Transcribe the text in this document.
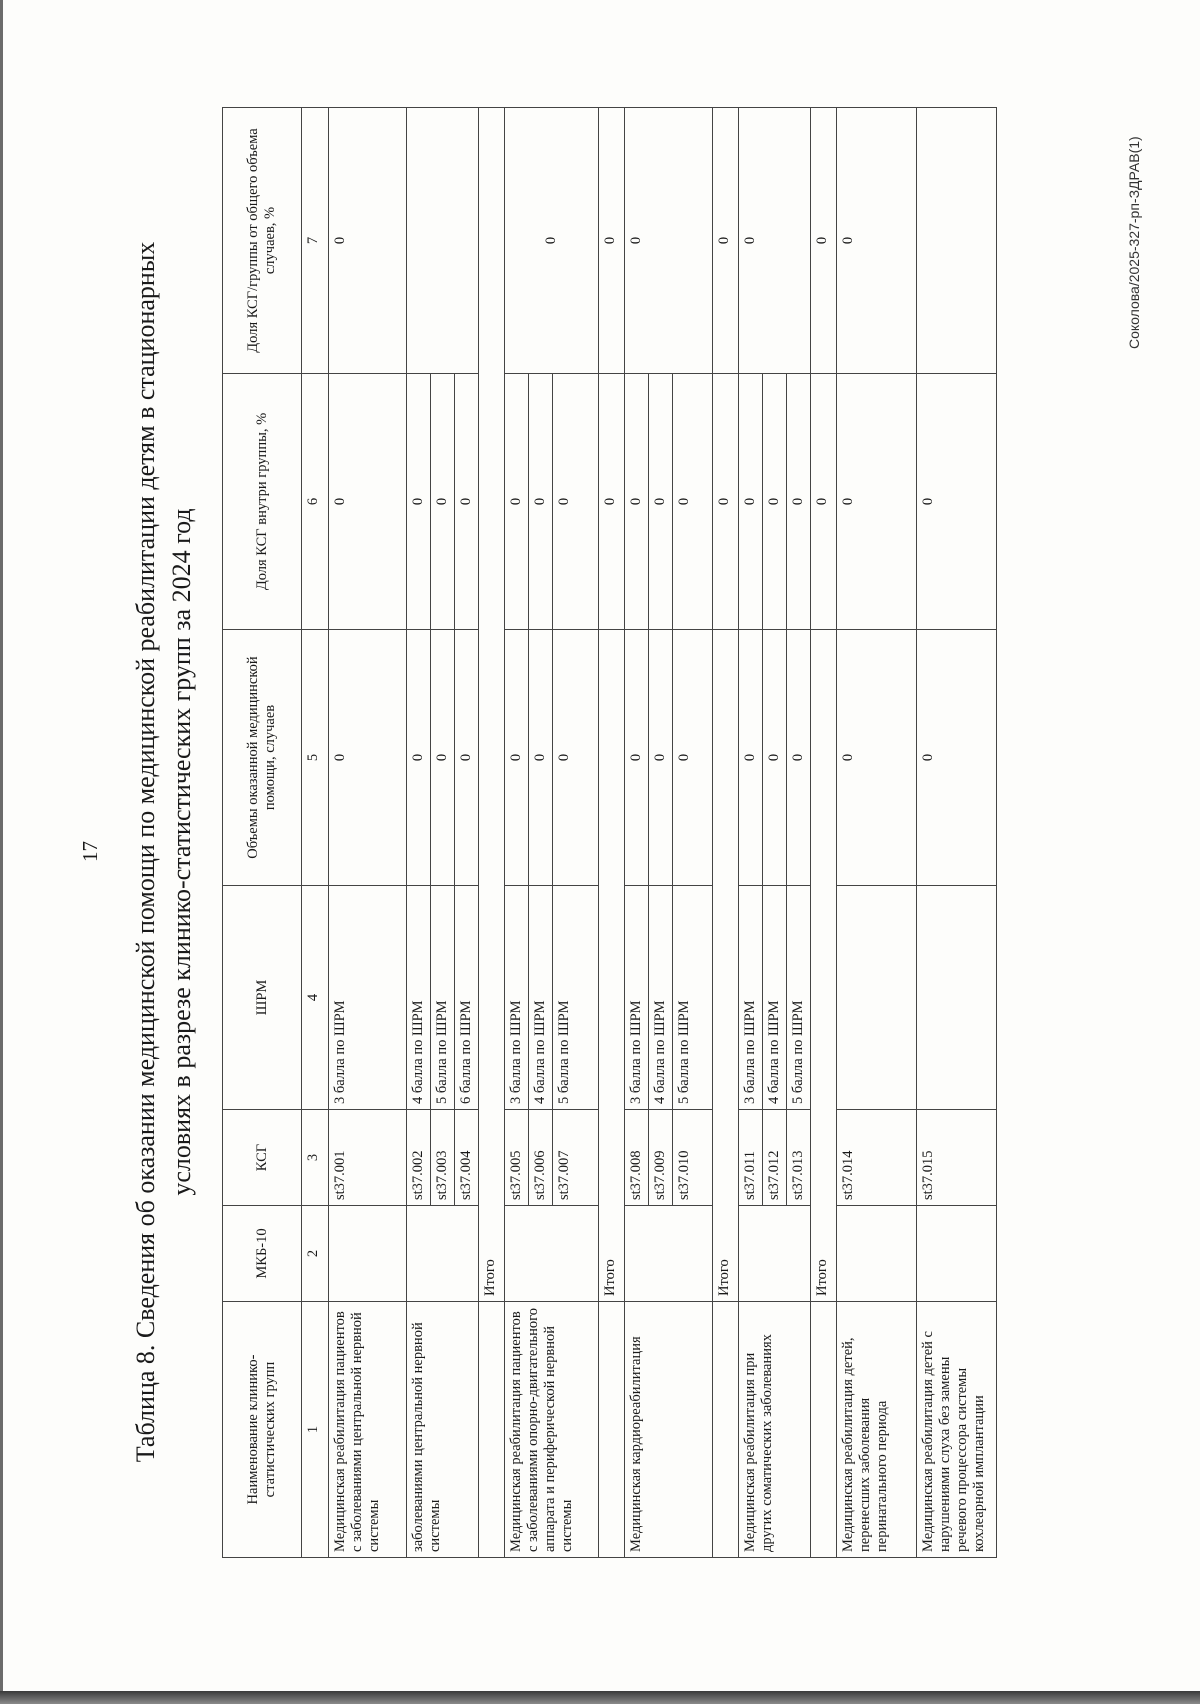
17 Таблица 8. Сведения об оказании медицинской помощи по медицинской реабилитации детям в стационарных условиях в разрезе клинико-статистических групп за 2024 год
Наименование клинико-статистических групп	МКБ-10	КСГ	ШРМ	Объемы оказанной медицинской помощи, случаев	Доля КСГ внутри группы, %	Доля КСГ/группы от общего объема случаев, %
1	2	3	4	5	6	7
Медицинская реабилитация пациентов с заболеваниями центральной нервной системы		st37.001	3 балла по ШРМ	0	0	0
заболеваниями центральной нервной системы		st37.002	4 балла по ШРМ	0	0	
		st37.003	5 балла по ШРМ	0	0	
		st37.004	6 балла по ШРМ	0	0	
	Итого					
Медицинская реабилитация пациентов с заболеваниями опорно-двигательного аппарата и периферической нервной системы		st37.005	3 балла по ШРМ	0	0	0
		st37.006	4 балла по ШРМ	0	0	
		st37.007	5 балла по ШРМ	0	0	
	Итого				0	0
Медицинская кардиореабилитация		st37.008	3 балла по ШРМ	0	0	0
		st37.009	4 балла по ШРМ	0	0	
		st37.010	5 балла по ШРМ	0	0	
	Итого				0	0
Медицинская реабилитация при других соматических заболеваниях		st37.011	3 балла по ШРМ	0	0	0
		st37.012	4 балла по ШРМ	0	0	
		st37.013	5 балла по ШРМ	0	0	
	Итого				0	0
Медицинская реабилитация детей, перенесших заболевания перинатального периода		st37.014		0	0	0
Медицинская реабилитация детей с нарушениями слуха без замены речевого процессора системы кохлеарной имплантации		st37.015		0	0	
Соколова/2025-327-рп-ЗДРАВ(1)
